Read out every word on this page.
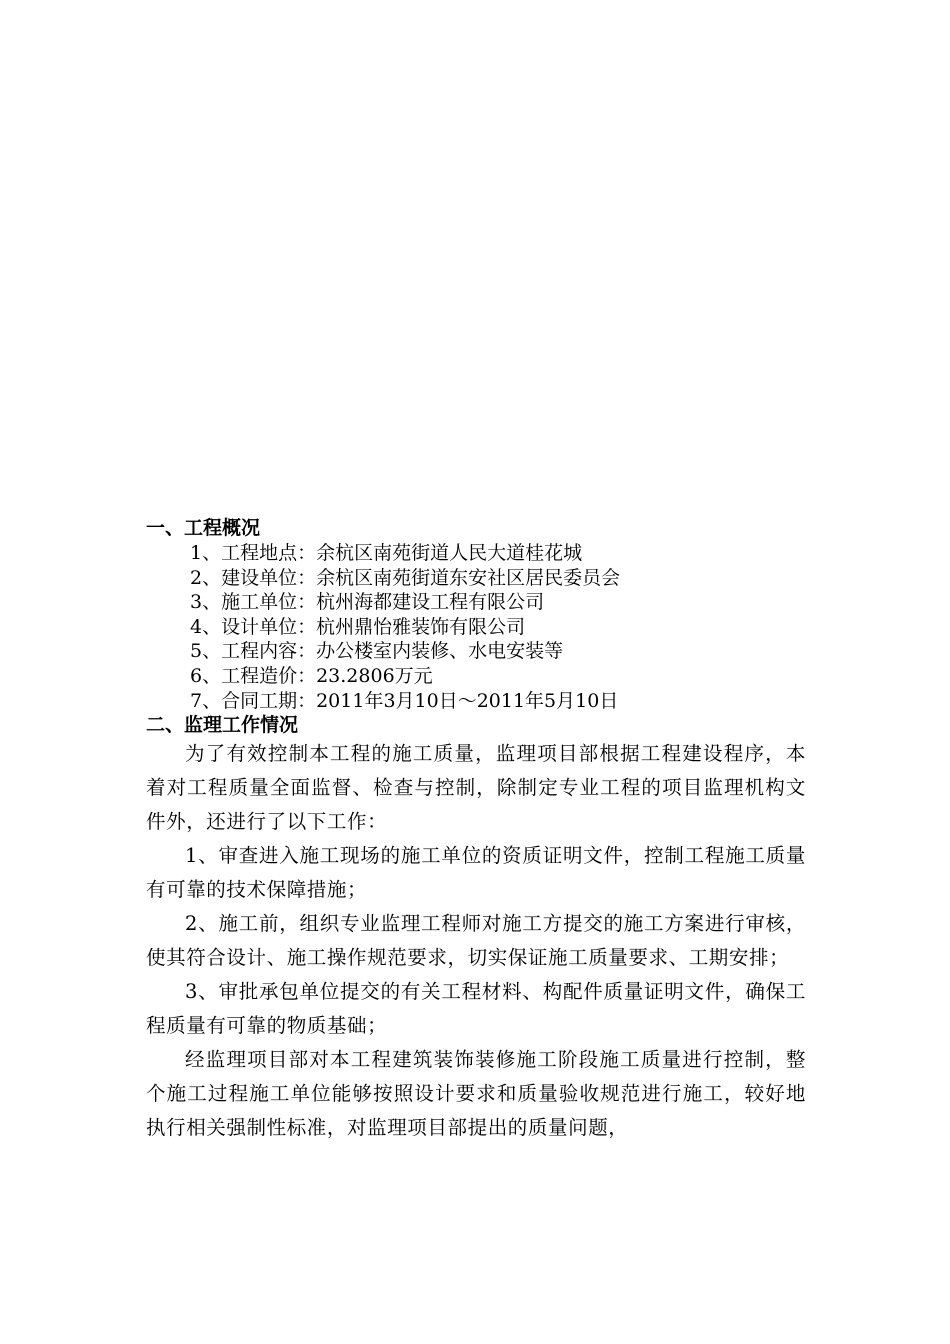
一、工程概况
1、工程地点：余杭区南苑街道人民大道桂花城
2、建设单位：余杭区南苑街道东安社区居民委员会
3、施工单位：杭州海都建设工程有限公司
4、设计单位：杭州鼎怡雅装饰有限公司
5、工程内容：办公楼室内装修、水电安装等
6、工程造价：23.2806万元
7、合同工期：2011年3月10日～2011年5月10日
二、监理工作情况

为了有效控制本工程的施工质量，监理项目部根据工程建设程序，本着对工程质量全面监督、检查与控制，除制定专业工程的项目监理机构文件外，还进行了以下工作：

1、审查进入施工现场的施工单位的资质证明文件，控制工程施工质量有可靠的技术保障措施；

2、施工前，组织专业监理工程师对施工方提交的施工方案进行审核，使其符合设计、施工操作规范要求，切实保证施工质量要求、工期安排；

3、审批承包单位提交的有关工程材料、构配件质量证明文件，确保工程质量有可靠的物质基础；

经监理项目部对本工程建筑装饰装修施工阶段施工质量进行控制，整个施工过程施工单位能够按照设计要求和质量验收规范进行施工，较好地执行相关强制性标准，对监理项目部提出的质量问题，
